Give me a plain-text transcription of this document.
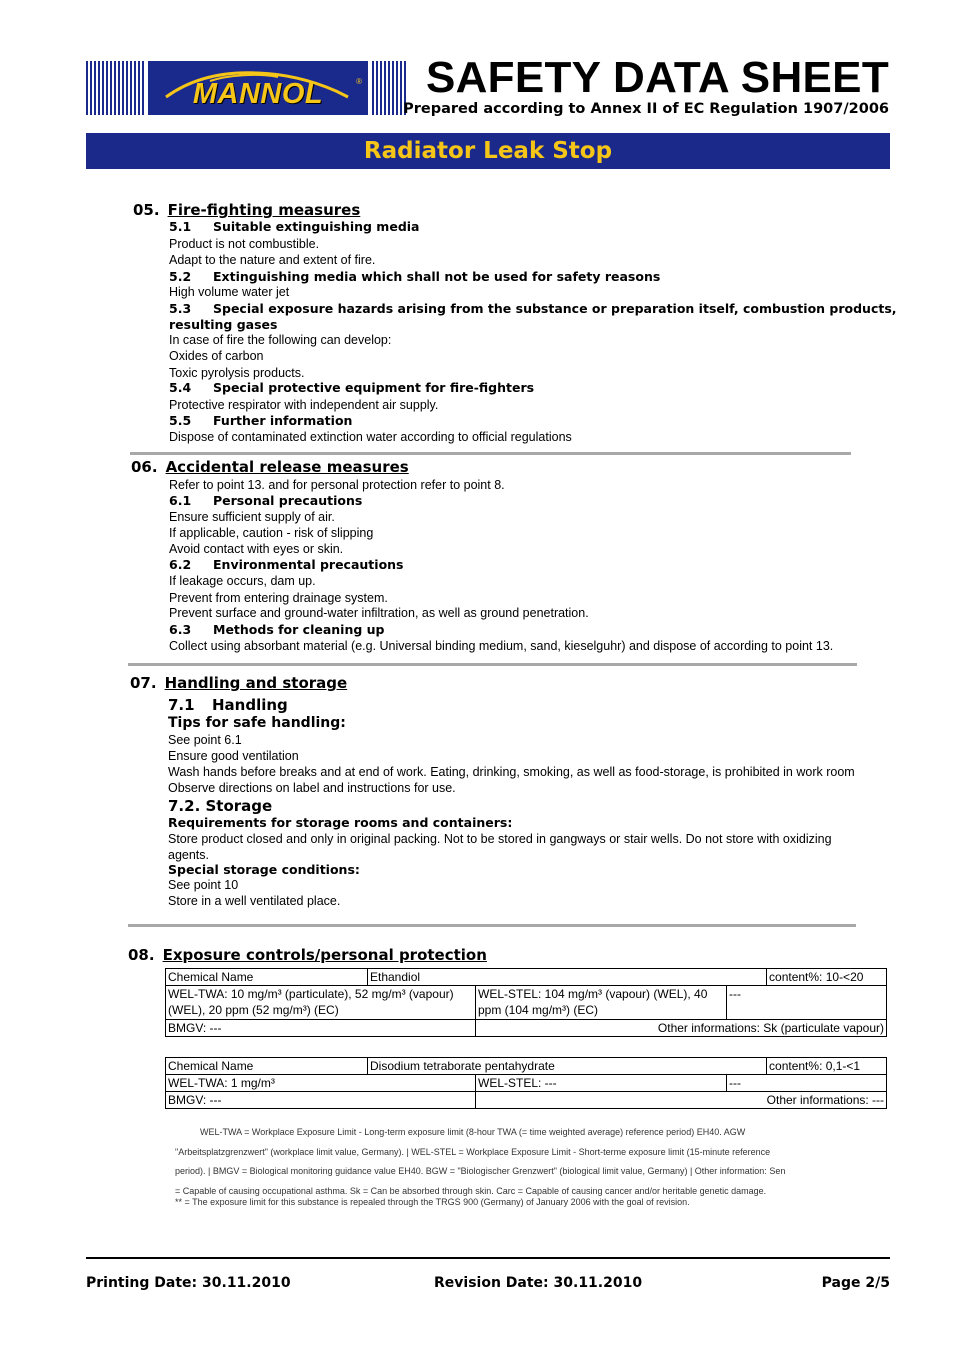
MANNOL	® SAFETY DATA SHEET
Prepared according to Annex II of EC Regulation 1907/2006
Radiator Leak Stop
05. Fire-fighting measures
5.1 Suitable extinguishing media
Product is not combustible.
Adapt to the nature and extent of fire.
5.2 Extinguishing media which shall not be used for safety reasons
High volume water jet
5.3 Special exposure hazards arising from the substance or preparation itself, combustion products,
resulting gases
In case of fire the following can develop:
Oxides of carbon
Toxic pyrolysis products.
5.4 Special protective equipment for fire-fighters
Protective respirator with independent air supply.
5.5 Further information
Dispose of contaminated extinction water according to official regulations
06. Accidental release measures
Refer to point 13. and for personal protection refer to point 8.
6.1 Personal precautions
Ensure sufficient supply of air.
If applicable, caution - risk of slipping
Avoid contact with eyes or skin.
6.2 Environmental precautions
If leakage occurs, dam up.
Prevent from entering drainage system.
Prevent surface and ground-water infiltration, as well as ground penetration.
6.3 Methods for cleaning up
Collect using absorbant material (e.g. Universal binding medium, sand, kieselguhr) and dispose of according to point 13.
07. Handling and storage
7.1 Handling
Tips for safe handling:
See point 6.1
Ensure good ventilation
Wash hands before breaks and at end of work. Eating, drinking, smoking, as well as food-storage, is prohibited in work room
Observe directions on label and instructions for use.
7.2. Storage
Requirements for storage rooms and containers:
Store product closed and only in original packing. Not to be stored in gangways or stair wells. Do not store with oxidizing
agents.
Special storage conditions:
See point 10
Store in a well ventilated place.
08. Exposure controls/personal protection
Chemical Name	Ethandiol			content%: 10-<20
WEL-TWA: 10 mg/m³ (particulate), 52 mg/m³ (vapour) (WEL), 20 ppm (52 mg/m³) (EC)		WEL-STEL: 104 mg/m³ (vapour) (WEL), 40 ppm (104 mg/m³) (EC)	---	
BMGV: ---		Other informations: Sk (particulate vapour)		
Chemical Name	Disodium tetraborate pentahydrate			content%: 0,1-<1
WEL-TWA: 1 mg/m³		WEL-STEL: ---	---	
BMGV: ---		Other informations: ---		
WEL-TWA = Workplace Exposure Limit - Long-term exposure limit (8-hour TWA (= time weighted average) reference period) EH40. AGW
"Arbeitsplatzgrenzwert" (workplace limit value, Germany). | WEL-STEL = Workplace Exposure Limit - Short-terme exposure limit (15-minute reference
period). | BMGV = Biological monitoring guidance value EH40. BGW = "Biologischer Grenzwert" (biological limit value, Germany) | Other information: Sen
= Capable of causing occupational asthma. Sk = Can be absorbed through skin. Carc = Capable of causing cancer and/or heritable genetic damage.
** = The exposure limit for this substance is repealed through the TRGS 900 (Germany) of January 2006 with the goal of revision.
Printing Date: 30.11.2010	Revision Date: 30.11.2010	Page 2/5
